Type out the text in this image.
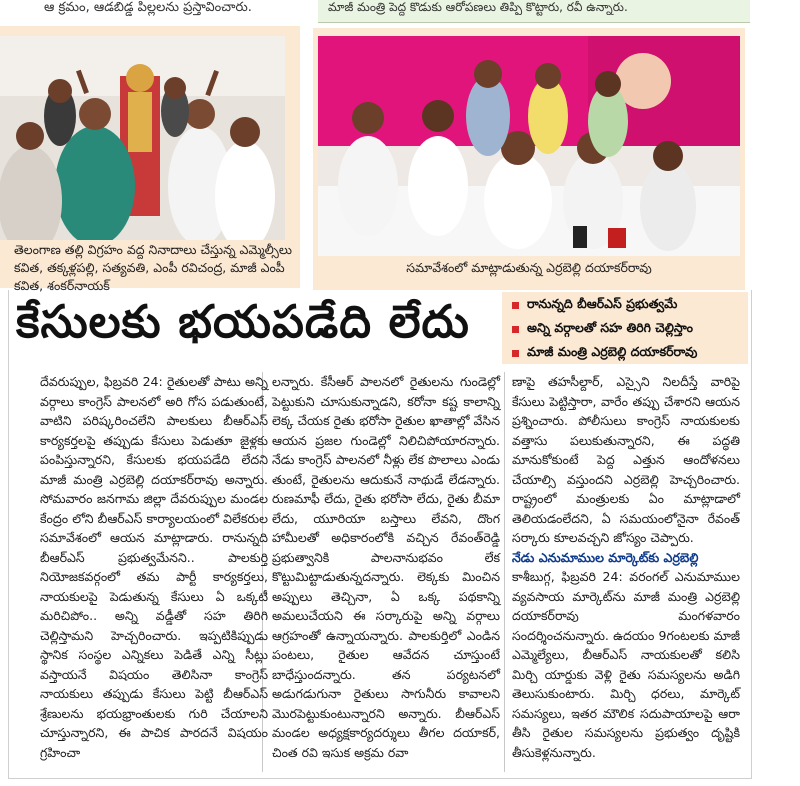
ఆ క్రమం, ఆడబిడ్డ పిల్లలను ప్రస్తావించారు.	మాజీ మంత్రి పెద్ద కొడుకు ఆరోపణలు తిప్పి కొట్టారు, రవీ ఉన్నారు.
తెలంగాణ తల్లి విగ్రహం వద్ద నినాదాలు చేస్తున్న ఎమ్మెల్సీలు కవిత, తక్కళ్లపల్లి, సత్యవతి, ఎంపీ రవిచంద్ర, మాజీ ఎంపీ కవిత, శంకర్‌నాయక్
సమావేశంలో మాట్లాడుతున్న ఎర్రబెల్లి దయాకర్‌రావు
కేసులకు భయపడేది లేదు	రానున్నది బీఆర్‌ఎస్ ప్రభుత్వమే
అన్ని వర్గాలతో సహ తిరిగి చెల్లిస్తాం
మాజీ మంత్రి ఎర్రబెల్లి దయాకర్‌రావు

దేవరుప్పుల, ఫిబ్రవరి 24: రైతులతో పాటు అన్ని వర్గాలు కాంగ్రెస్ పాలనలో అరి గోస పడుతుంటే, వాటిని పరిష్కరించలేని పాలకులు బీఆర్‌ఎస్ కార్యకర్తలపై తప్పుడు కేసులు పెడుతూ జైళ్లకు పంపిస్తున్నారని, కేసులకు భయపడేది లేదని మాజీ మంత్రి ఎర్రబెల్లి దయాకర్‌రావు అన్నారు. సోమవారం జనగామ జిల్లా దేవరుప్పుల మండల కేంద్రం లోని బీఆర్‌ఎస్ కార్యాలయంలో విలేకరుల సమావేశంలో ఆయన మాట్లాడారు. రానున్నది బీఆర్‌ఎస్ ప్రభుత్వమేనని.. పాలకుర్తి నియోజకవర్గంలో తమ పార్టీ కార్యకర్తలు, నాయకులపై పెడుతున్న కేసులు ఏ ఒక్కటీ మరిచిపోం.. అన్ని వడ్డీతో సహ తిరిగి చెల్లిస్తామని హెచ్చరించారు. ఇప్పటికిప్పుడు స్థానిక సంస్థల ఎన్నికలు పెడితే ఎన్ని సీట్లు వస్తాయనే విషయం తెలిసినా కాంగ్రెస్ నాయకులు తప్పుడు కేసులు పెట్టి బీఆర్‌ఎస్ శ్రేణులను భయభ్రాంతులకు గురి చేయాలని చూస్తున్నారని, ఈ పాచిక పారదనే విషయం గ్రహించా

లన్నారు. కేసీఆర్ పాలనలో రైతులను గుండెల్లో పెట్టుకుని చూసుకున్నాడని, కరోనా కష్ట కాలాన్ని లెక్క చేయక రైతు భరోసా రైతుల ఖాతాల్లో వేసిన ఆయన ప్రజల గుండెల్లో నిలిచిపోయారన్నారు. నేడు కాంగ్రెస్ పాలనలో నీళ్లు లేక పొలాలు ఎండు తుంటే, రైతులను ఆదుకునే నాథుడే లేడన్నారు. రుణమాఫీ లేదు, రైతు భరోసా లేదు, రైతు బీమా లేదు, యూరియా బస్తాలు లేవని, దొంగ హామీలతో అధికారంలోకి వచ్చిన రేవంత్‌రెడ్డి ప్రభుత్వానికి పాలనానుభవం లేక కొట్టుమిట్టాడుతున్నదన్నారు. లెక్కకు మించిన అప్పులు తెచ్చినా, ఏ ఒక్క పథకాన్ని అమలుచేయని ఈ సర్కారుపై అన్ని వర్గాలు ఆగ్రహంతో ఉన్నాయన్నారు. పాలకుర్తిలో ఎండిన పంటలు, రైతుల ఆవేదన చూస్తుంటే బాధేస్తుందన్నారు. తన పర్యటనలో అడుగడుగునా రైతులు సాగునీరు కావాలని మొరపెట్టుకుంటున్నారని అన్నారు. బీఆర్‌ఎస్ మండల అధ్యక్షకార్యదర్శులు తీగల దయాకర్, చింత రవి ఇసుక అక్రమ రవా

ణాపై తహసీల్దార్, ఎస్సైని నిలదీస్తే వారిపై కేసులు పెట్టిస్తారా, వారేం తప్పు చేశారని ఆయన ప్రశ్నించారు. పోలీసులు కాంగ్రెస్ నాయకులకు వత్తాసు పలుకుతున్నారని, ఈ పద్ధతి మానుకోకుంటే పెద్ద ఎత్తున ఆందోళనలు చేయాల్సి వస్తుందని ఎర్రబెల్లి హెచ్చరించారు. రాష్ట్రంలో మంత్రులకు ఏం మాట్లాడాలో తెలియడంలేదని, ఏ సమయంలోనైనా రేవంత్ సర్కారు కూలవచ్చని జోస్యం చెప్పారు.

నేడు ఎనుమాముల మార్కెట్‌కు ఎర్రబెల్లి

కాశీబుగ్గ, ఫిబ్రవరి 24: వరంగల్ ఎనుమాముల వ్యవసాయ మార్కెట్‌ను మాజీ మంత్రి ఎర్రబెల్లి దయాకర్‌రావు మంగళవారం సందర్శించనున్నారు. ఉదయం 9గంటలకు మాజీ ఎమ్మెల్యేలు, బీఆర్‌ఎస్ నాయకులతో కలిసి మిర్చి యార్డుకు వెళ్లి రైతు సమస్యలను అడిగి తెలుసుకుంటారు. మిర్చి ధరలు, మార్కెట్ సమస్యలు, ఇతర మౌలిక సదుపాయాలపై ఆరా తీసి రైతుల సమస్యలను ప్రభుత్వం దృష్టికి తీసుకెళ్లనున్నారు.
